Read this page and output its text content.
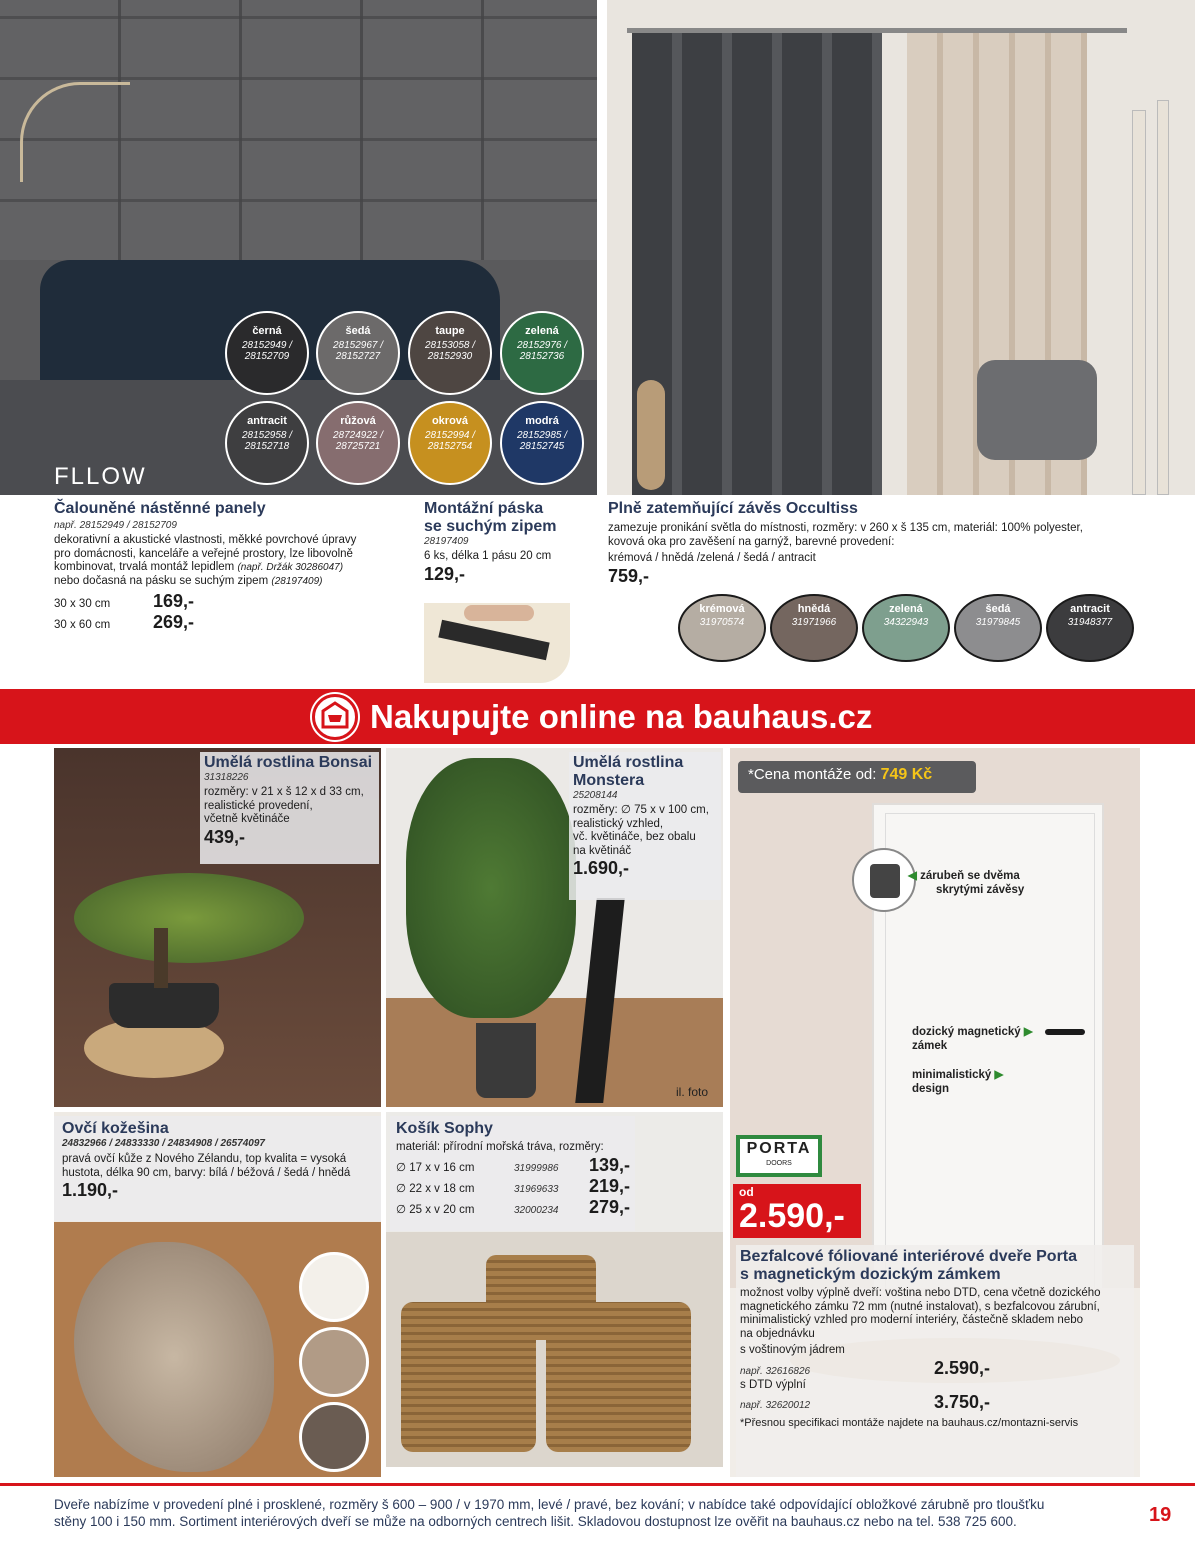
FLLOW
černá
28152949 / 28152709
šedá
28152967 / 28152727
taupe
28153058 / 28152930
zelená
28152976 / 28152736
antracit
28152958 / 28152718
růžová
28724922 / 28725721
okrová
28152994 / 28152754
modrá
28152985 / 28152745
Čalouněné nástěnné panely
např. 28152949 / 28152709
dekorativní a akustické vlastnosti, měkké povrchové úpravy
pro domácnosti, kanceláře a veřejné prostory, lze libovolně
kombinovat, trvalá montáž lepidlem (např. Držák 30286047)
nebo dočasná na pásku se suchým zipem (28197409)
30 x 30 cm 169,-
30 x 60 cm 269,-
Montážní páska
se suchým zipem
28197409
6 ks, délka 1 pásu 20 cm
129,-
Plně zatemňující závěs Occultiss
zamezuje pronikání světla do místnosti, rozměry: v 260 x š 135 cm, materiál: 100% polyester,
kovová oka pro zavěšení na garnýž, barevné provedení:
krémová / hnědá /zelená / šedá / antracit
759,-
krémová
31970574
hnědá
31971966
zelená
34322943
šedá
31979845
antracit
31948377
Nakupujte online na bauhaus.cz
Umělá rostlina Bonsai
31318226
rozměry: v 21 x š 12 x d 33 cm,
realistické provedení,
včetně květináče
439,-
il. foto
Umělá rostlina
Monstera
25208144
rozměry: ∅ 75 x v 100 cm,
realistický vzhled,
vč. květináče, bez obalu
na květináč
1.690,-
Ovčí kožešina
24832966 / 24833330 / 24834908 / 26574097
pravá ovčí kůže z Nového Zélandu, top kvalita = vysoká
hustota, délka 90 cm, barvy: bílá / béžová / šedá / hnědá
1.190,-
Košík Sophy
materiál: přírodní mořská tráva, rozměry:
∅ 17 x v 16 cm	31999986	139,-
∅ 22 x v 18 cm	31969633	219,-
∅ 25 x v 20 cm	32000234	279,-
*Cena montáže od: 749 Kč
◀ zárubeň se dvěma
skrytými závěsy
dozický magnetický ▶
zámek
minimalistický ▶
design
PORTA
DOORS
od
2.590,-
Bezfalcové fóliované interiérové dveře Porta
s magnetickým dozickým zámkem
možnost volby výplně dveří: voština nebo DTD, cena včetně dozického
magnetického zámku 72 mm (nutné instalovat), s bezfalcovou zárubní,
minimalistický vzhled pro moderní interiéry, částečně skladem nebo
na objednávku
s voštinovým jádrem
např. 32616826	2.590,-
s DTD výplní
např. 32620012	3.750,-
*Přesnou specifikaci montáže najdete na bauhaus.cz/montazni-servis
Dveře nabízíme v provedení plné i prosklené, rozměry š 600 – 900 / v 1970 mm, levé / pravé, bez kování; v nabídce také odpovídající obložkové zárubně pro tloušťku
stěny 100 i 150 mm. Sortiment interiérových dveří se může na odborných centrech lišit. Skladovou dostupnost lze ověřit na bauhaus.cz nebo na tel. 538 725 600.	19
